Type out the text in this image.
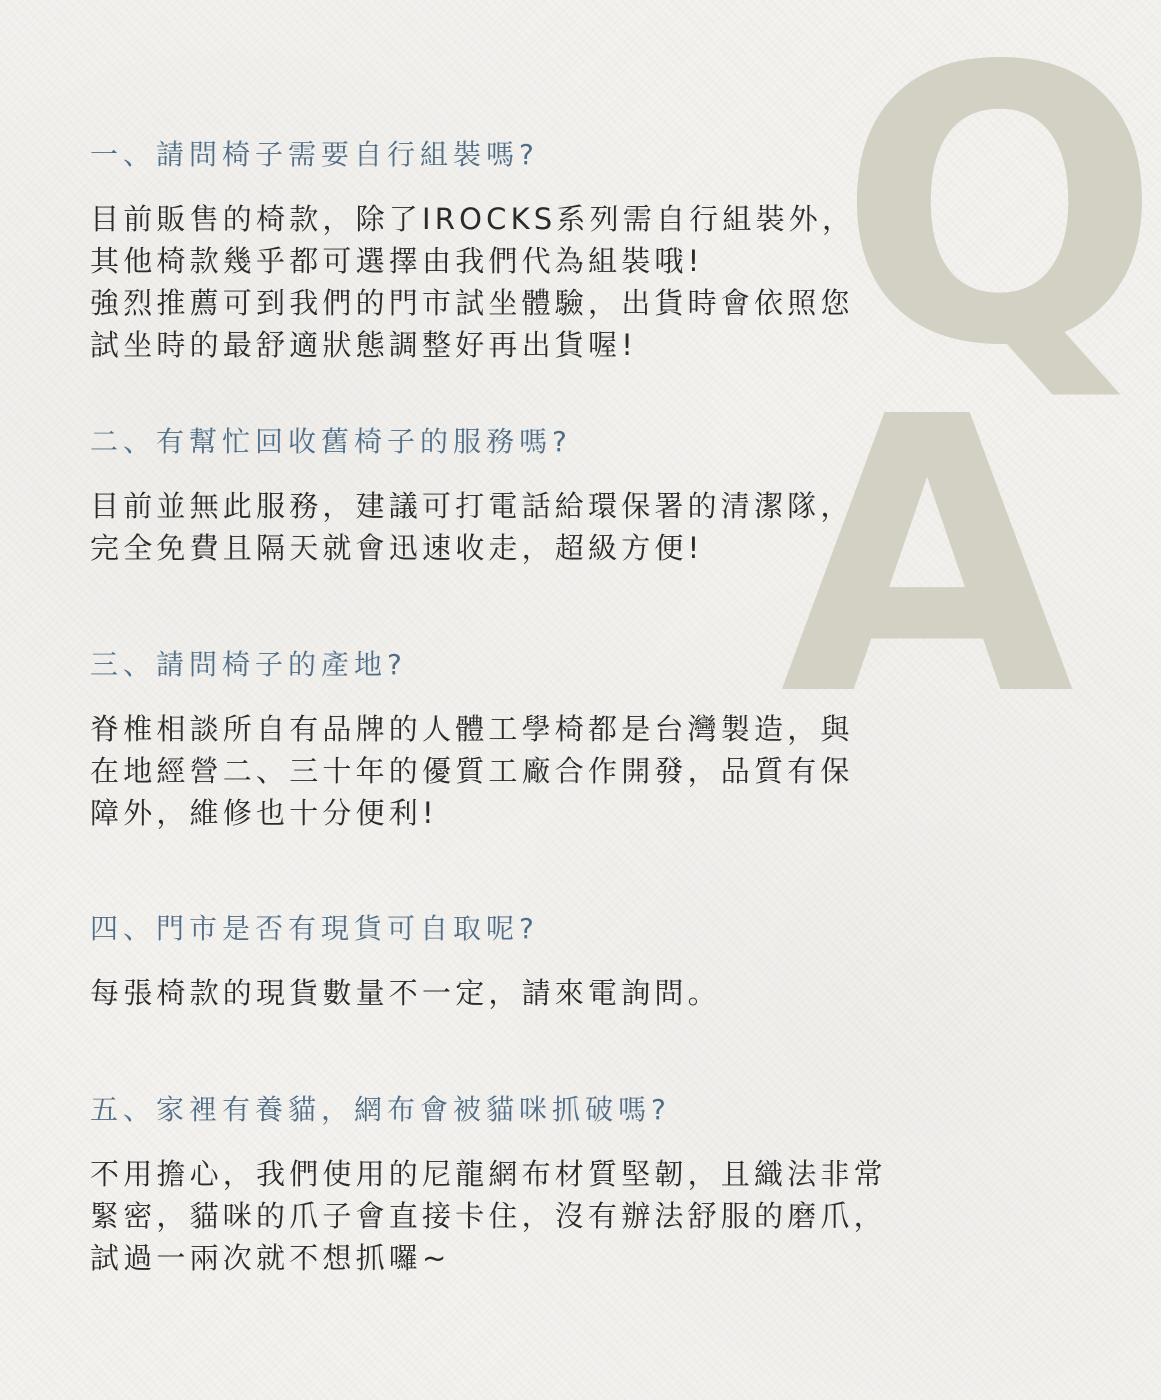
Q
A
一、請問椅子需要自行組裝嗎?
目前販售的椅款，除了IROCKS系列需自行組裝外，
其他椅款幾乎都可選擇由我們代為組裝哦!
強烈推薦可到我們的門市試坐體驗，出貨時會依照您
試坐時的最舒適狀態調整好再出貨喔!
二、有幫忙回收舊椅子的服務嗎?
目前並無此服務，建議可打電話給環保署的清潔隊，
完全免費且隔天就會迅速收走，超級方便!
三、請問椅子的產地?
脊椎相談所自有品牌的人體工學椅都是台灣製造，與
在地經營二、三十年的優質工廠合作開發，品質有保
障外，維修也十分便利!
四、門市是否有現貨可自取呢?
每張椅款的現貨數量不一定，請來電詢問。
五、家裡有養貓，網布會被貓咪抓破嗎?
不用擔心，我們使用的尼龍網布材質堅韌，且織法非常
緊密，貓咪的爪子會直接卡住，沒有辦法舒服的磨爪，
試過一兩次就不想抓囉~
